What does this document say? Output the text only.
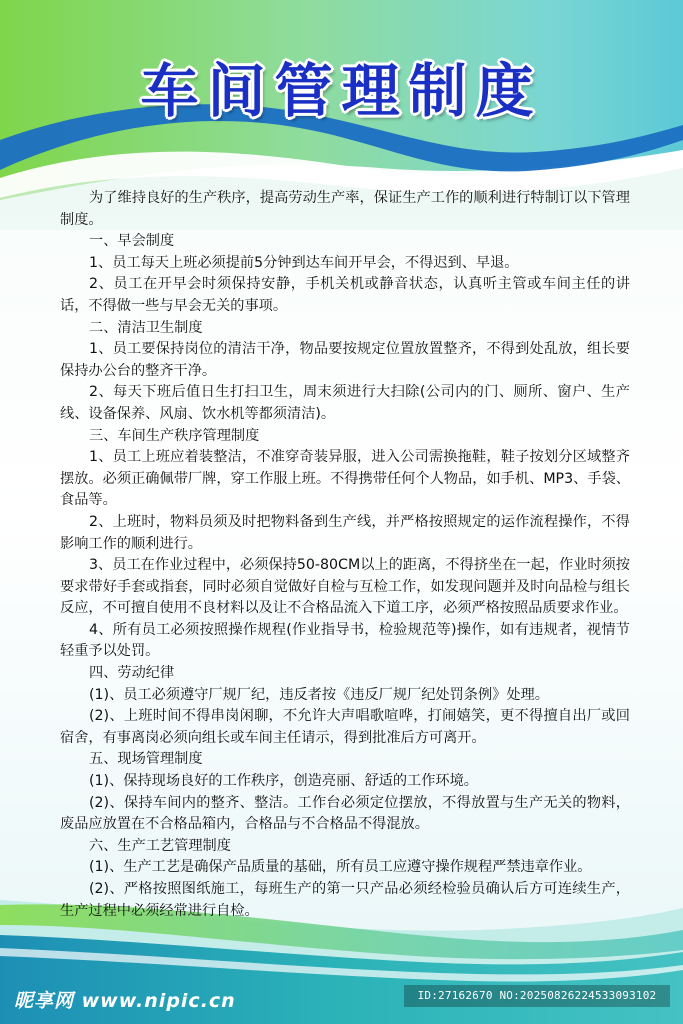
车间管理制度

为了维持良好的生产秩序，提高劳动生产率，保证生产工作的顺利进行特制订以下管理制度。

一、早会制度

1、员工每天上班必须提前5分钟到达车间开早会，不得迟到、早退。

2、员工在开早会时须保持安静，手机关机或静音状态，认真听主管或车间主任的讲话，不得做一些与早会无关的事项。

二、清洁卫生制度

1、员工要保持岗位的清洁干净，物品要按规定位置放置整齐，不得到处乱放，组长要保持办公台的整齐干净。

2、每天下班后值日生打扫卫生，周末须进行大扫除(公司内的门、厕所、窗户、生产线、设备保养、风扇、饮水机等都须清洁)。

三、车间生产秩序管理制度

1、员工上班应着装整洁，不准穿奇装异服，进入公司需换拖鞋，鞋子按划分区域整齐摆放。必须正确佩带厂牌，穿工作服上班。不得携带任何个人物品，如手机、MP3、手袋、食品等。

2、上班时，物料员须及时把物料备到生产线，并严格按照规定的运作流程操作，不得影响工作的顺利进行。

3、员工在作业过程中，必须保持50-80CM以上的距离，不得挤坐在一起，作业时须按要求带好手套或指套，同时必须自觉做好自检与互检工作，如发现问题并及时向品检与组长反应，不可擅自使用不良材料以及让不合格品流入下道工序，必须严格按照品质要求作业。

4、所有员工必须按照操作规程(作业指导书，检验规范等)操作，如有违规者，视情节轻重予以处罚。

四、劳动纪律

(1)、员工必须遵守厂规厂纪，违反者按《违反厂规厂纪处罚条例》处理。

(2)、上班时间不得串岗闲聊，不允许大声唱歌喧哗，打闹嬉笑，更不得擅自出厂或回宿舍，有事离岗必须向组长或车间主任请示，得到批准后方可离开。

五、现场管理制度

(1)、保持现场良好的工作秩序，创造亮丽、舒适的工作环境。

(2)、保持车间内的整齐、整洁。工作台必须定位摆放，不得放置与生产无关的物料，废品应放置在不合格品箱内，合格品与不合格品不得混放。

六、生产工艺管理制度

(1)、生产工艺是确保产品质量的基础，所有员工应遵守操作规程严禁违章作业。

(2)、严格按照图纸施工，每班生产的第一只产品必须经检验员确认后方可连续生产，生产过程中必须经常进行自检。

昵享网 www.nipic.cn	ID:27162670 NO:20250826224533093102
